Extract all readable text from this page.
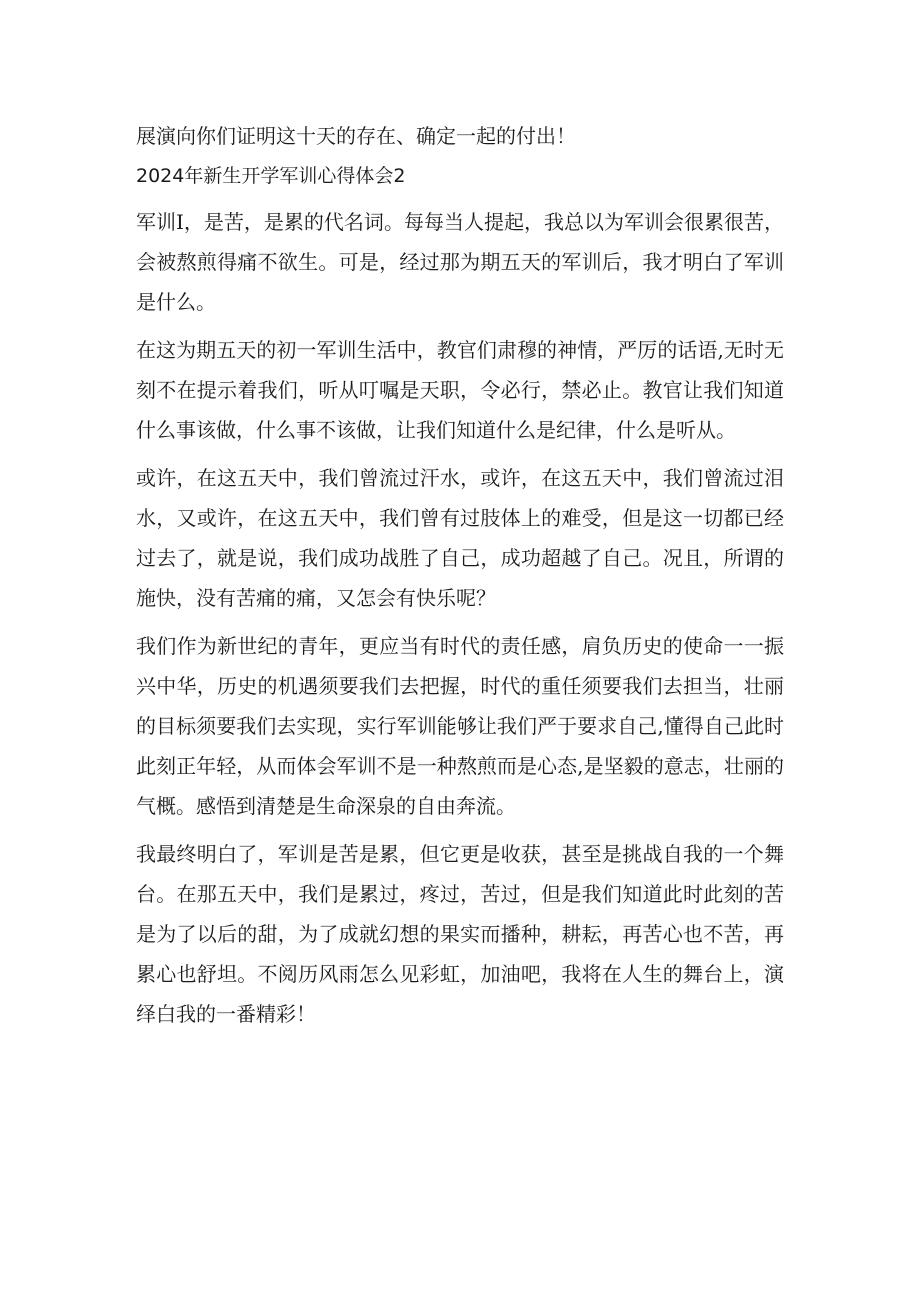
展演向你们证明这十天的存在、确定一起的付出！

2024年新生开学军训心得体会2

军训I，是苦，是累的代名词。每每当人提起，我总以为军训会很累很苦，会被熬煎得痛不欲生。可是，经过那为期五天的军训后，我才明白了军训是什么。

在这为期五天的初一军训生活中，教官们肃穆的神情，严厉的话语,无时无刻不在提示着我们，听从叮嘱是天职，令必行，禁必止。教官让我们知道什么事该做，什么事不该做，让我们知道什么是纪律，什么是听从。

或许，在这五天中，我们曾流过汗水，或许，在这五天中，我们曾流过泪水，又或许，在这五天中，我们曾有过肢体上的难受，但是这一切都已经过去了，就是说，我们成功战胜了自己，成功超越了自己。况且，所谓的施快，没有苦痛的痛，又怎会有快乐呢？

我们作为新世纪的青年，更应当有时代的责任感，肩负历史的使命一一振兴中华，历史的机遇须要我们去把握，时代的重任须要我们去担当，壮丽的目标须要我们去实现，实行军训能够让我们严于要求自己,懂得自己此时此刻正年轻，从而体会军训不是一种熬煎而是心态,是坚毅的意志，壮丽的气概。感悟到清楚是生命深泉的自由奔流。

我最终明白了，军训是苦是累，但它更是收获，甚至是挑战自我的一个舞台。在那五天中，我们是累过，疼过，苦过，但是我们知道此时此刻的苦是为了以后的甜，为了成就幻想的果实而播种，耕耘，再苦心也不苦，再累心也舒坦。不阅历风雨怎么见彩虹，加油吧，我将在人生的舞台上，演绎白我的一番精彩！
